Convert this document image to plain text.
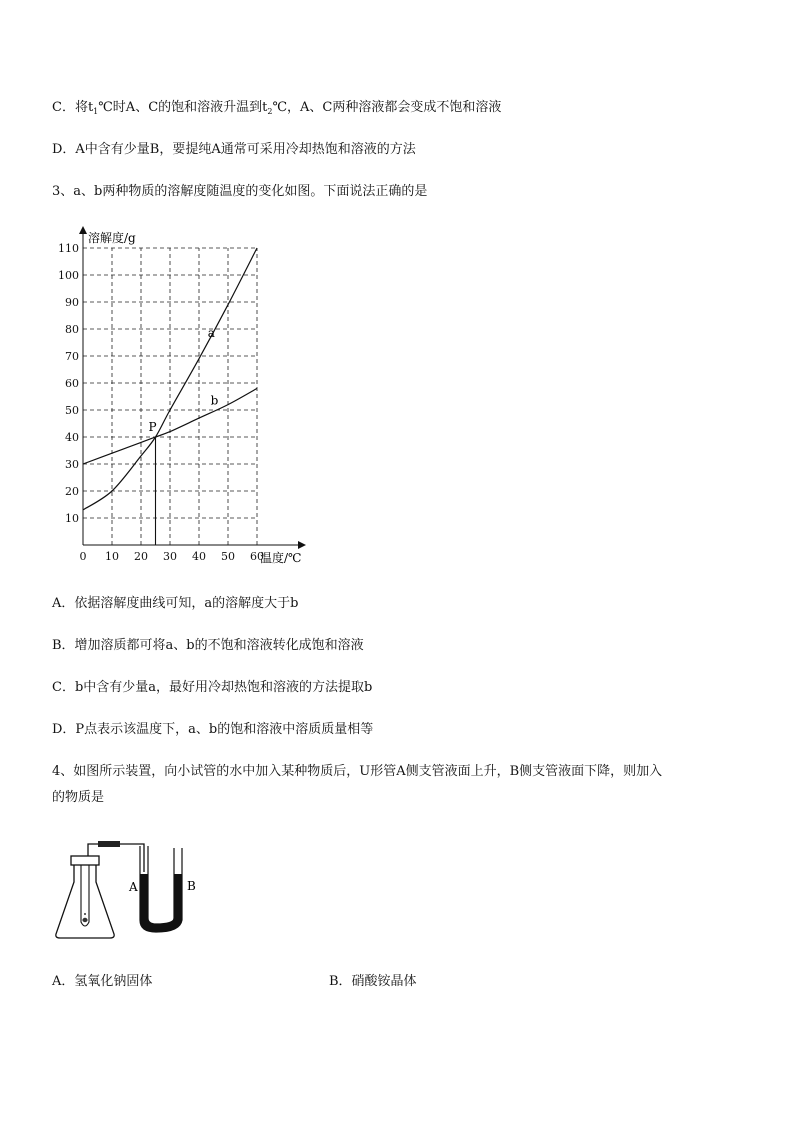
C．将$t_1℃$时A、C的饱和溶液升温到$t_2℃$，A、C两种溶液都会变成不饱和溶液
D．A中含有少量B，要提纯A通常可采用冷却热饱和溶液的方法
3、a、b两种物质的溶解度随温度的变化如图。下面说法正确的是
溶解度/g
温度/℃
0 10 20 30 40 50 60
10
20
30
40
50
60
70
80
90
100
110
a
b
P
A．依据溶解度曲线可知，a的溶解度大于b
B．增加溶质都可将a、b的不饱和溶液转化成饱和溶液
C．b中含有少量a，最好用冷却热饱和溶液的方法提取b
D．P点表示该温度下，a、b的饱和溶液中溶质质量相等
4、如图所示装置，向小试管的水中加入某种物质后，U形管A侧支管液面上升，B侧支管液面下降，则加入
的物质是
A	B
A．氢氧化钠固体	B．硝酸铵晶体
